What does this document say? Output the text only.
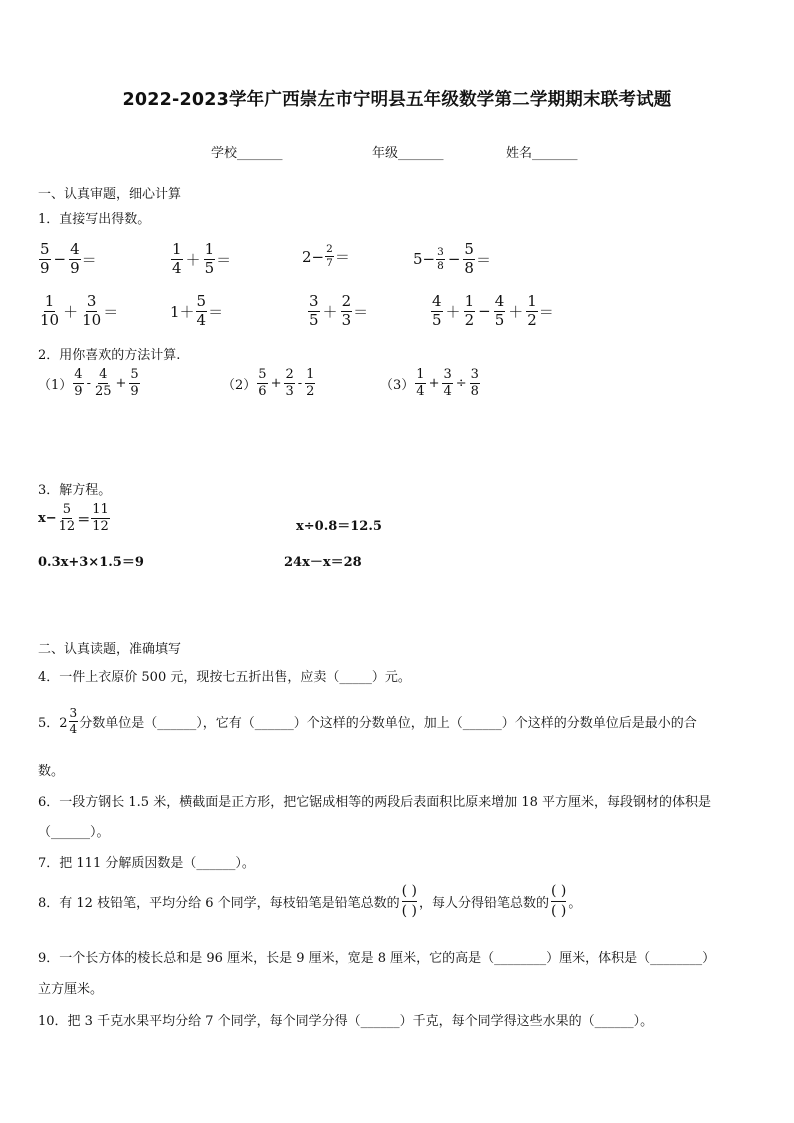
2022-2023学年广西崇左市宁明县五年级数学第二学期期末联考试题
学校_______	年级_______	姓名_______
一、认真审题，细心计算
1．直接写出得数。
$\frac{5}{9} - \frac{4}{9}$ ＝	$\frac{1}{4} + \frac{1}{5}$ ＝	$2- \frac{2}{7}$ ＝	$5- \frac{3}{8} - \frac{5}{8}$ ＝
$\frac{1}{10} + \frac{3}{10}$ ＝	$1+ \frac{5}{4}$ ＝	$\frac{3}{5} + \frac{2}{3}$ ＝	$\frac{4}{5} + \frac{1}{2} - \frac{4}{5} + \frac{1}{2}$ ＝
2．用你喜欢的方法计算.
$(1) \frac{4}{9} - \frac{4}{25} + \frac{5}{9}$	$(2) \frac{5}{6} + \frac{2}{3} - \frac{1}{2}$	$(3) \frac{1}{4} + \frac{3}{4} \div \frac{3}{8}$
3．解方程。
$x- \frac{5}{12} = \frac{11}{12}$	x÷0.8＝12.5
0.3x+3×1.5＝9	24x－x＝28
二、认真读题，准确填写
4．一件上衣原价 500 元，现按七五折出售，应卖（_____）元。
5．$2 \frac{3}{4}$ 分数单位是（______），它有（______）个这样的分数单位，加上（______）个这样的分数单位后是最小的合
数。
6．一段方钢长 1.5 米，横截面是正方形，把它锯成相等的两段后表面积比原来增加 18 平方厘米，每段钢材的体积是
（______）。
7．把 111 分解质因数是（______）。
8．有 12 枝铅笔，平均分给 6 个同学，每枝铅笔是铅笔总数的
( )
( ) ，每人分得铅笔总数的
( )
( ) 。
9．一个长方体的棱长总和是 96 厘米，长是 9 厘米，宽是 8 厘米，它的高是（________）厘米，体积是（________）
立方厘米。
10．把 3 千克水果平均分给 7 个同学，每个同学分得（______）千克，每个同学得这些水果的（______）。
